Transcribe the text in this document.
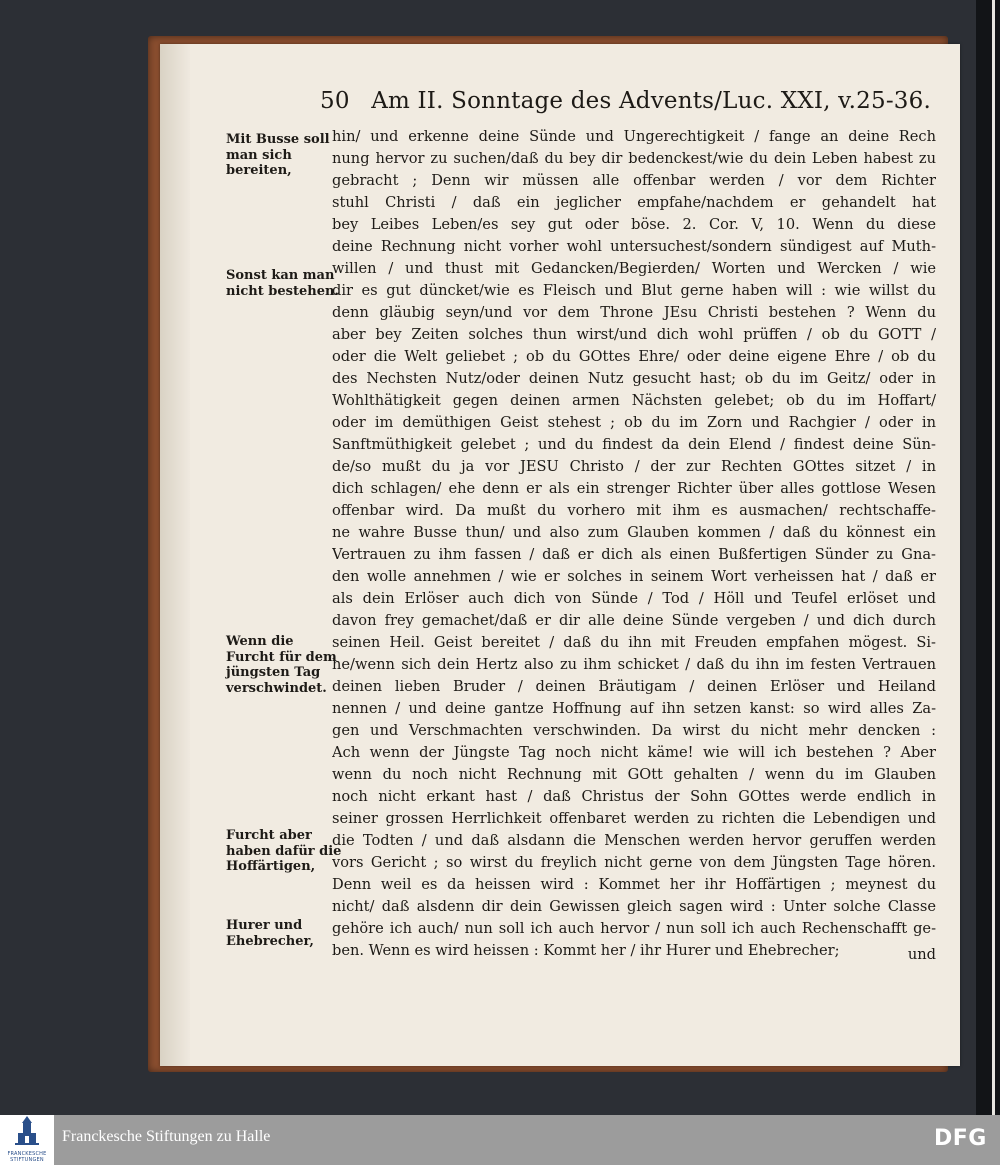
50 Am II. Sonntage des Advents/Luc. XXI, v.25-36.
Mit Busse soll man sich bereiten,
Sonst kan man nicht bestehen.
Wenn die Furcht für dem jüngsten Tag verschwindet.
Furcht aber haben dafür die Hoffärtigen,
Hurer und Ehebrecher,
hin/ und erkenne deine Sünde und Ungerechtigkeit / fange an deine Rech
nung hervor zu suchen/daß du bey dir bedenckest/wie du dein Leben habest zu
gebracht ; Denn wir müssen alle offenbar werden / vor dem Richter
stuhl Christi / daß ein jeglicher empfahe/nachdem er gehandelt hat
bey Leibes Leben/es sey gut oder böse. 2. Cor. V, 10. Wenn du diese
deine Rechnung nicht vorher wohl untersuchest/sondern sündigest auf Muth-
willen / und thust mit Gedancken/Begierden/ Worten und Wercken / wie
dir es gut düncket/wie es Fleisch und Blut gerne haben will : wie willst du
denn gläubig seyn/und vor dem Throne JEsu Christi bestehen ? Wenn du
aber bey Zeiten solches thun wirst/und dich wohl prüffen / ob du GOTT /
oder die Welt geliebet ; ob du GOttes Ehre/ oder deine eigene Ehre / ob du
des Nechsten Nutz/oder deinen Nutz gesucht hast; ob du im Geitz/ oder in
Wohlthätigkeit gegen deinen armen Nächsten gelebet; ob du im Hoffart/
oder im demüthigen Geist stehest ; ob du im Zorn und Rachgier / oder in
Sanftmüthigkeit gelebet ; und du findest da dein Elend / findest deine Sün-
de/so mußt du ja vor JESU Christo / der zur Rechten GOttes sitzet / in
dich schlagen/ ehe denn er als ein strenger Richter über alles gottlose Wesen
offenbar wird. Da mußt du vorhero mit ihm es ausmachen/ rechtschaffe-
ne wahre Busse thun/ und also zum Glauben kommen / daß du könnest ein
Vertrauen zu ihm fassen / daß er dich als einen Bußfertigen Sünder zu Gna-
den wolle annehmen / wie er solches in seinem Wort verheissen hat / daß er
als dein Erlöser auch dich von Sünde / Tod / Höll und Teufel erlöset und
davon frey gemachet/daß er dir alle deine Sünde vergeben / und dich durch
seinen Heil. Geist bereitet / daß du ihn mit Freuden empfahen mögest. Si-
he/wenn sich dein Hertz also zu ihm schicket / daß du ihn im festen Vertrauen
deinen lieben Bruder / deinen Bräutigam / deinen Erlöser und Heiland
nennen / und deine gantze Hoffnung auf ihn setzen kanst: so wird alles Za-
gen und Verschmachten verschwinden. Da wirst du nicht mehr dencken :
Ach wenn der Jüngste Tag noch nicht käme! wie will ich bestehen ? Aber
wenn du noch nicht Rechnung mit GOtt gehalten / wenn du im Glauben
noch nicht erkant hast / daß Christus der Sohn GOttes werde endlich in
seiner grossen Herrlichkeit offenbaret werden zu richten die Lebendigen und
die Todten / und daß alsdann die Menschen werden hervor geruffen werden
vors Gericht ; so wirst du freylich nicht gerne von dem Jüngsten Tage hören.
Denn weil es da heissen wird : Kommet her ihr Hoffärtigen ; meynest du
nicht/ daß alsdenn dir dein Gewissen gleich sagen wird : Unter solche Classe
gehöre ich auch/ nun soll ich auch hervor / nun soll ich auch Rechenschafft ge-
ben. Wenn es wird heissen : Kommt her / ihr Hurer und Ehebrecher;	und
FRANCKESCHE STIFTUNGEN
Franckesche Stiftungen zu Halle	DFG
